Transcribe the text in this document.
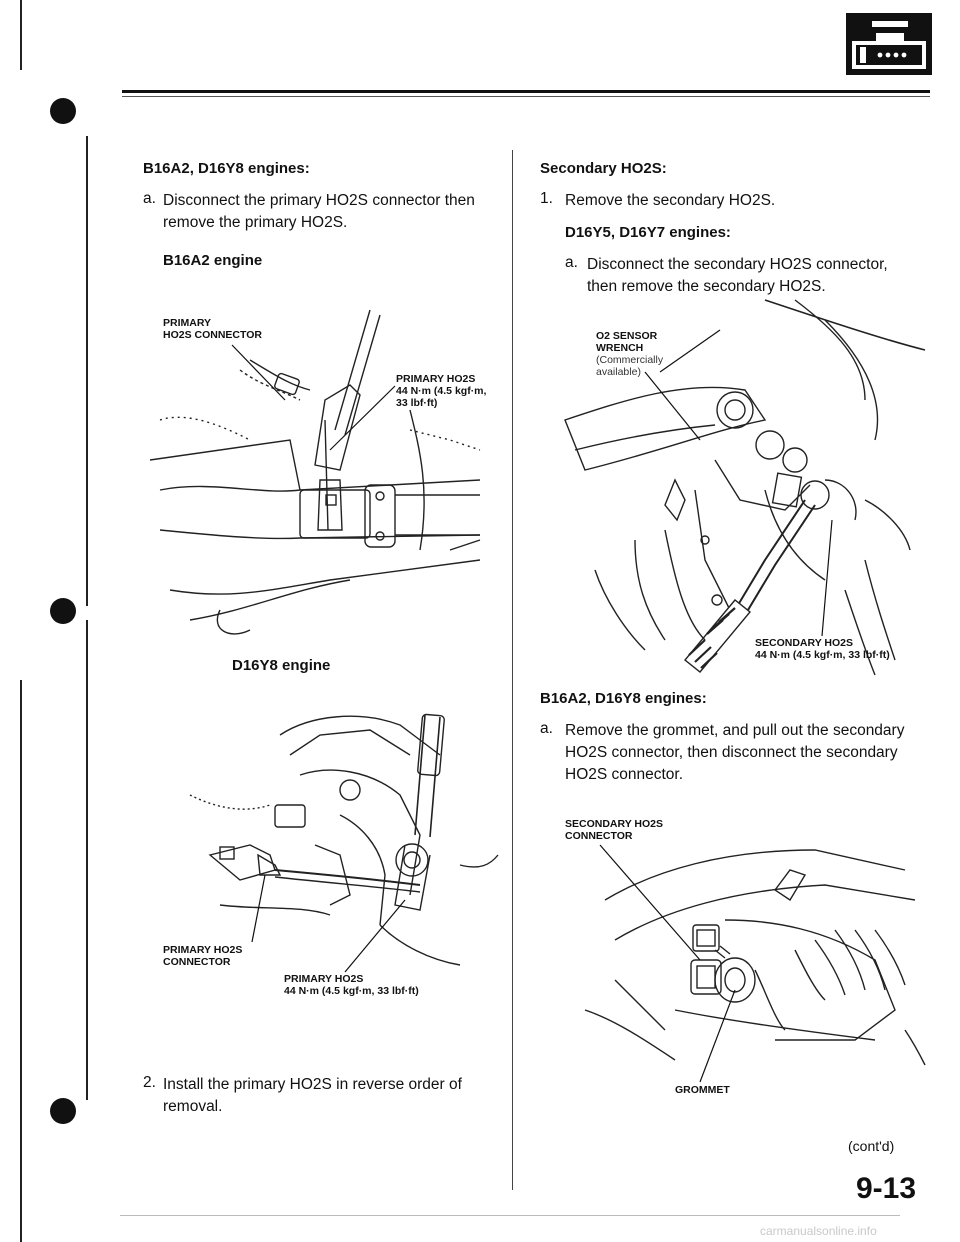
B16A2, D16Y8 engines:
a. Disconnect the primary HO2S connector then
remove the primary HO2S.
B16A2 engine
PRIMARY
HO2S CONNECTOR
PRIMARY HO2S
44 N·m (4.5 kgf·m,
33 lbf·ft)
D16Y8 engine
PRIMARY HO2S
CONNECTOR
PRIMARY HO2S
44 N·m (4.5 kgf·m, 33 lbf·ft)
2. Install the primary HO2S in reverse order of removal.
Secondary HO2S:
1. Remove the secondary HO2S.
D16Y5, D16Y7 engines:
a. Disconnect the secondary HO2S connector,
then remove the secondary HO2S.
O2 SENSOR
WRENCH
(Commercially
available)
SECONDARY HO2S
44 N·m (4.5 kgf·m, 33 lbf·ft)
B16A2, D16Y8 engines:
a. Remove the grommet, and pull out the secondary
HO2S connector, then disconnect the secondary
HO2S connector.
SECONDARY HO2S
CONNECTOR
GROMMET
(cont'd)
9-13
carmanualsonline.info
